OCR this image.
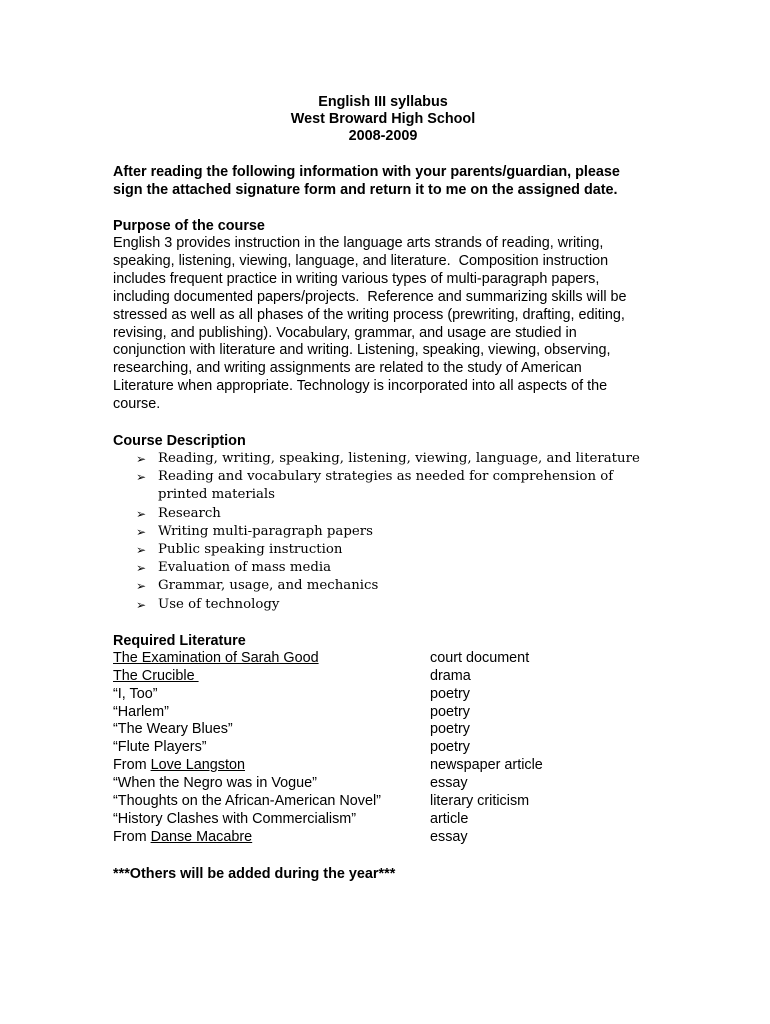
English III syllabus
West Broward High School
2008-2009
After reading the following information with your parents/guardian, please
sign the attached signature form and return it to me on the assigned date.
Purpose of the course
English 3 provides instruction in the language arts strands of reading, writing,
speaking, listening, viewing, language, and literature.  Composition instruction
includes frequent practice in writing various types of multi-paragraph papers,
including documented papers/projects.  Reference and summarizing skills will be
stressed as well as all phases of the writing process (prewriting, drafting, editing,
revising, and publishing). Vocabulary, grammar, and usage are studied in
conjunction with literature and writing. Listening, speaking, viewing, observing,
researching, and writing assignments are related to the study of American
Literature when appropriate. Technology is incorporated into all aspects of the
course.
Course Description
➢ Reading, writing, speaking, listening, viewing, language, and literature
➢ Reading and vocabulary strategies as needed for comprehension of printed materials
➢ Research
➢ Writing multi-paragraph papers
➢ Public speaking instruction
➢ Evaluation of mass media
➢ Grammar, usage, and mechanics
➢ Use of technology
Required Literature
The Examination of Sarah Good	court document
The Crucible	drama
“I, Too”	poetry
“Harlem”	poetry
“The Weary Blues”	poetry
“Flute Players”	poetry
From Love Langston	newspaper article
“When the Negro was in Vogue”	essay
“Thoughts on the African-American Novel”	literary criticism
“History Clashes with Commercialism”	article
From Danse Macabre	essay
***Others will be added during the year***
